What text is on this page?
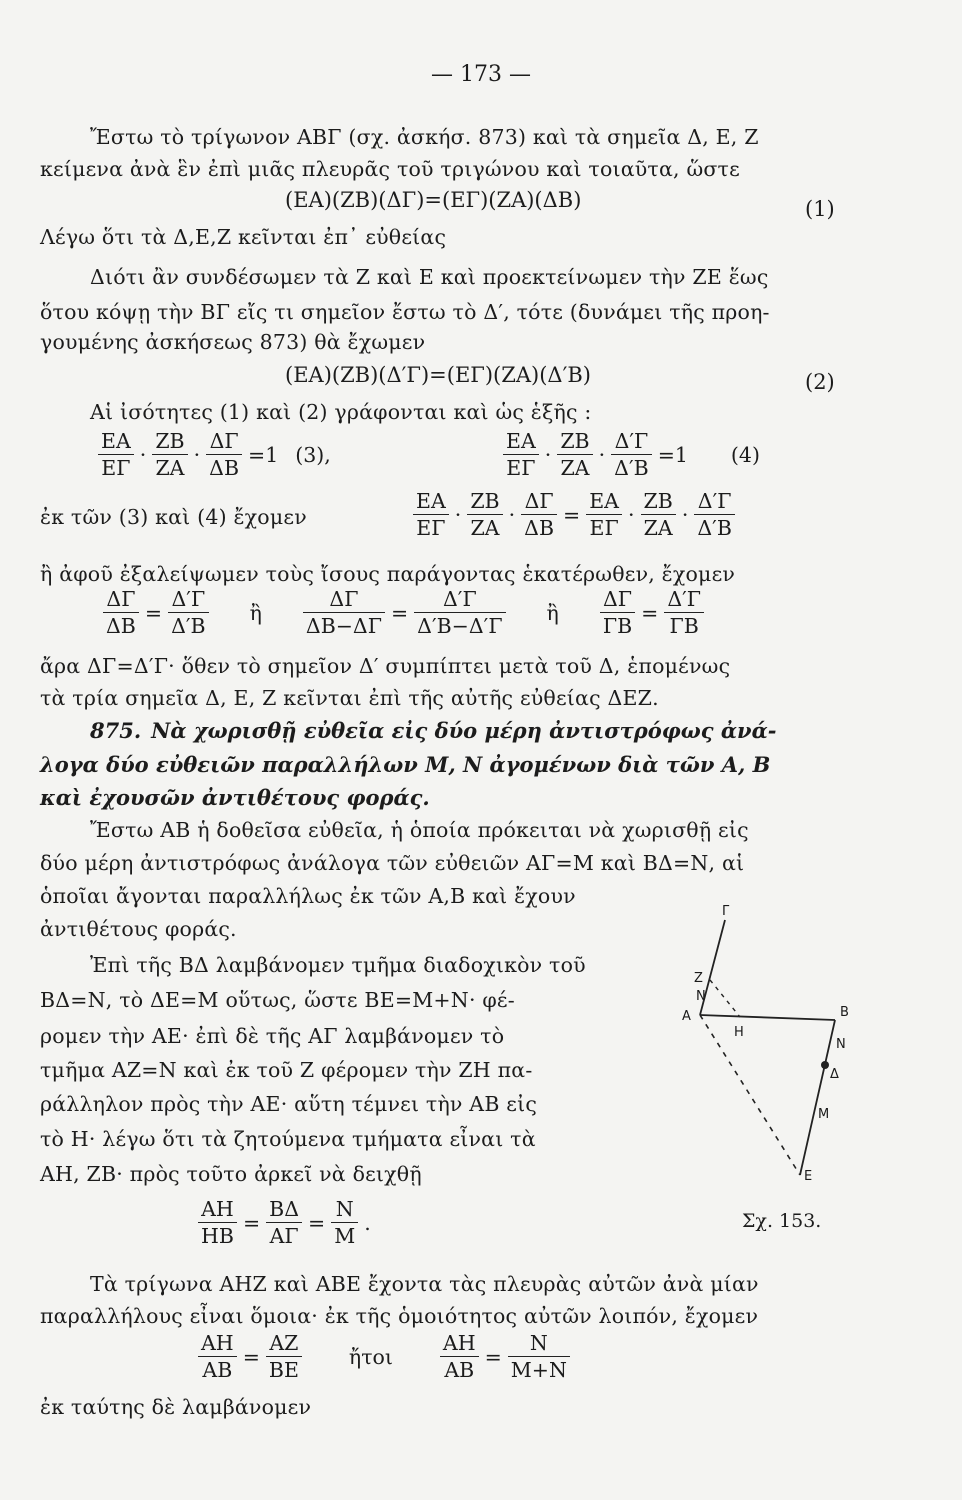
— 173 —
Ἔστω τὸ τρίγωνον ΑΒΓ (σχ. ἀσκήσ. 873) καὶ τὰ σημεῖα Δ, Ε, Ζ
κείμενα ἀνὰ ἓν ἐπὶ μιᾶς πλευρᾶς τοῦ τριγώνου καὶ τοιαῦτα, ὥστε
(ΕΑ)(ΖΒ)(ΔΓ)=(ΕΓ)(ΖΑ)(ΔΒ)	(1)
Λέγω ὅτι τὰ Δ,Ε,Ζ κεῖνται ἐπ᾿ εὐθείας
Διότι ἂν συνδέσωμεν τὰ Ζ καὶ Ε καὶ προεκτείνωμεν τὴν ΖΕ ἕως
ὅτου κόψῃ τὴν ΒΓ εἴς τι σημεῖον ἔστω τὸ Δ′, τότε (δυνάμει τῆς προη-
γουμένης ἀσκήσεως 873) θὰ ἔχωμεν
(ΕΑ)(ΖΒ)(Δ′Γ)=(ΕΓ)(ΖΑ)(Δ′Β)	(2)
Αἱ ἰσότητες (1) καὶ (2) γράφονται καὶ ὡς ἑξῆς :
$\frac{EA}{E\Gamma} \cdot \frac{ZB}{ZA} \cdot \frac{\Delta\Gamma}{\Delta B} =1$ (3),	$\frac{EA}{E\Gamma} \cdot \frac{ZB}{ZA} \cdot \frac{\Delta'\Gamma}{\Delta'B} =1$ (4)
ἐκ τῶν (3) καὶ (4) ἔχομεν	$\frac{EA}{E\Gamma} \cdot \frac{ZB}{ZA} \cdot \frac{\Delta\Gamma}{\Delta B} = \frac{EA}{E\Gamma} \cdot \frac{ZB}{ZA} \cdot \frac{\Delta'\Gamma}{\Delta'B}$
ἢ ἀφοῦ ἐξαλείψωμεν τοὺς ἴσους παράγοντας ἑκατέρωθεν, ἔχομεν
$\frac{\Delta\Gamma}{\Delta B} = \frac{\Delta'\Gamma}{\Delta'B}$ ἢ $\frac{\Delta\Gamma}{\Delta B-\Delta\Gamma} = \frac{\Delta'\Gamma}{\Delta'B-\Delta'\Gamma}$ ἢ $\frac{\Delta\Gamma}{\Gamma B} = \frac{\Delta'\Gamma}{\Gamma B}$
ἄρα ΔΓ=Δ′Γ· ὅθεν τὸ σημεῖον Δ′ συμπίπτει μετὰ τοῦ Δ, ἑπομένως
τὰ τρία σημεῖα Δ, Ε, Ζ κεῖνται ἐπὶ τῆς αὐτῆς εὐθείας ΔΕΖ.
875. Νὰ χωρισθῇ εὐθεῖα εἰς δύο μέρη ἀντιστρόφως ἀνά-
λογα δύο εὐθειῶν παραλλήλων Μ, Ν ἀγομένων διὰ τῶν Α, Β
καὶ ἐχουσῶν ἀντιθέτους φοράς.
Ἔστω ΑΒ ἡ δοθεῖσα εὐθεῖα, ἡ ὁποία πρόκειται νὰ χωρισθῇ εἰς
δύο μέρη ἀντιστρόφως ἀνάλογα τῶν εὐθειῶν ΑΓ=Μ καὶ ΒΔ=Ν, αἱ
ὁποῖαι ἄγονται παραλλήλως ἐκ τῶν Α,Β καὶ ἔχουν
ἀντιθέτους φοράς.
Ἐπὶ τῆς ΒΔ λαμβάνομεν τμῆμα διαδοχικὸν τοῦ
ΒΔ=Ν, τὸ ΔΕ=Μ οὕτως, ὥστε ΒΕ=Μ+Ν· φέ-
ρομεν τὴν ΑΕ· ἐπὶ δὲ τῆς ΑΓ λαμβάνομεν τὸ
τμῆμα ΑΖ=Ν καὶ ἐκ τοῦ Ζ φέρομεν τὴν ΖΗ πα-
ράλληλον πρὸς τὴν ΑΕ· αὕτη τέμνει τὴν ΑΒ εἰς
τὸ Η· λέγω ὅτι τὰ ζητούμενα τμήματα εἶναι τὰ
ΑΗ, ΖΒ· πρὸς τοῦτο ἀρκεῖ νὰ δειχθῇ
$\frac{AH}{HB} = \frac{B\Delta}{A\Gamma} = \frac{N}{M}$ .	Σχ. 153.
Τὰ τρίγωνα ΑΗΖ καὶ ΑΒΕ ἔχοντα τὰς πλευρὰς αὐτῶν ἀνὰ μίαν
παραλλήλους εἶναι ὅμοια· ἐκ τῆς ὁμοιότητος αὐτῶν λοιπόν, ἔχομεν
$\frac{AH}{AB} = \frac{AZ}{BE}$ ἤτοι $\frac{AH}{AB} = \frac{N}{M+N}$
ἐκ ταύτης δὲ λαμβάνομεν
Γ
Ζ
Ν
Α
Η
Β
Ν
Δ
Μ
Ε
